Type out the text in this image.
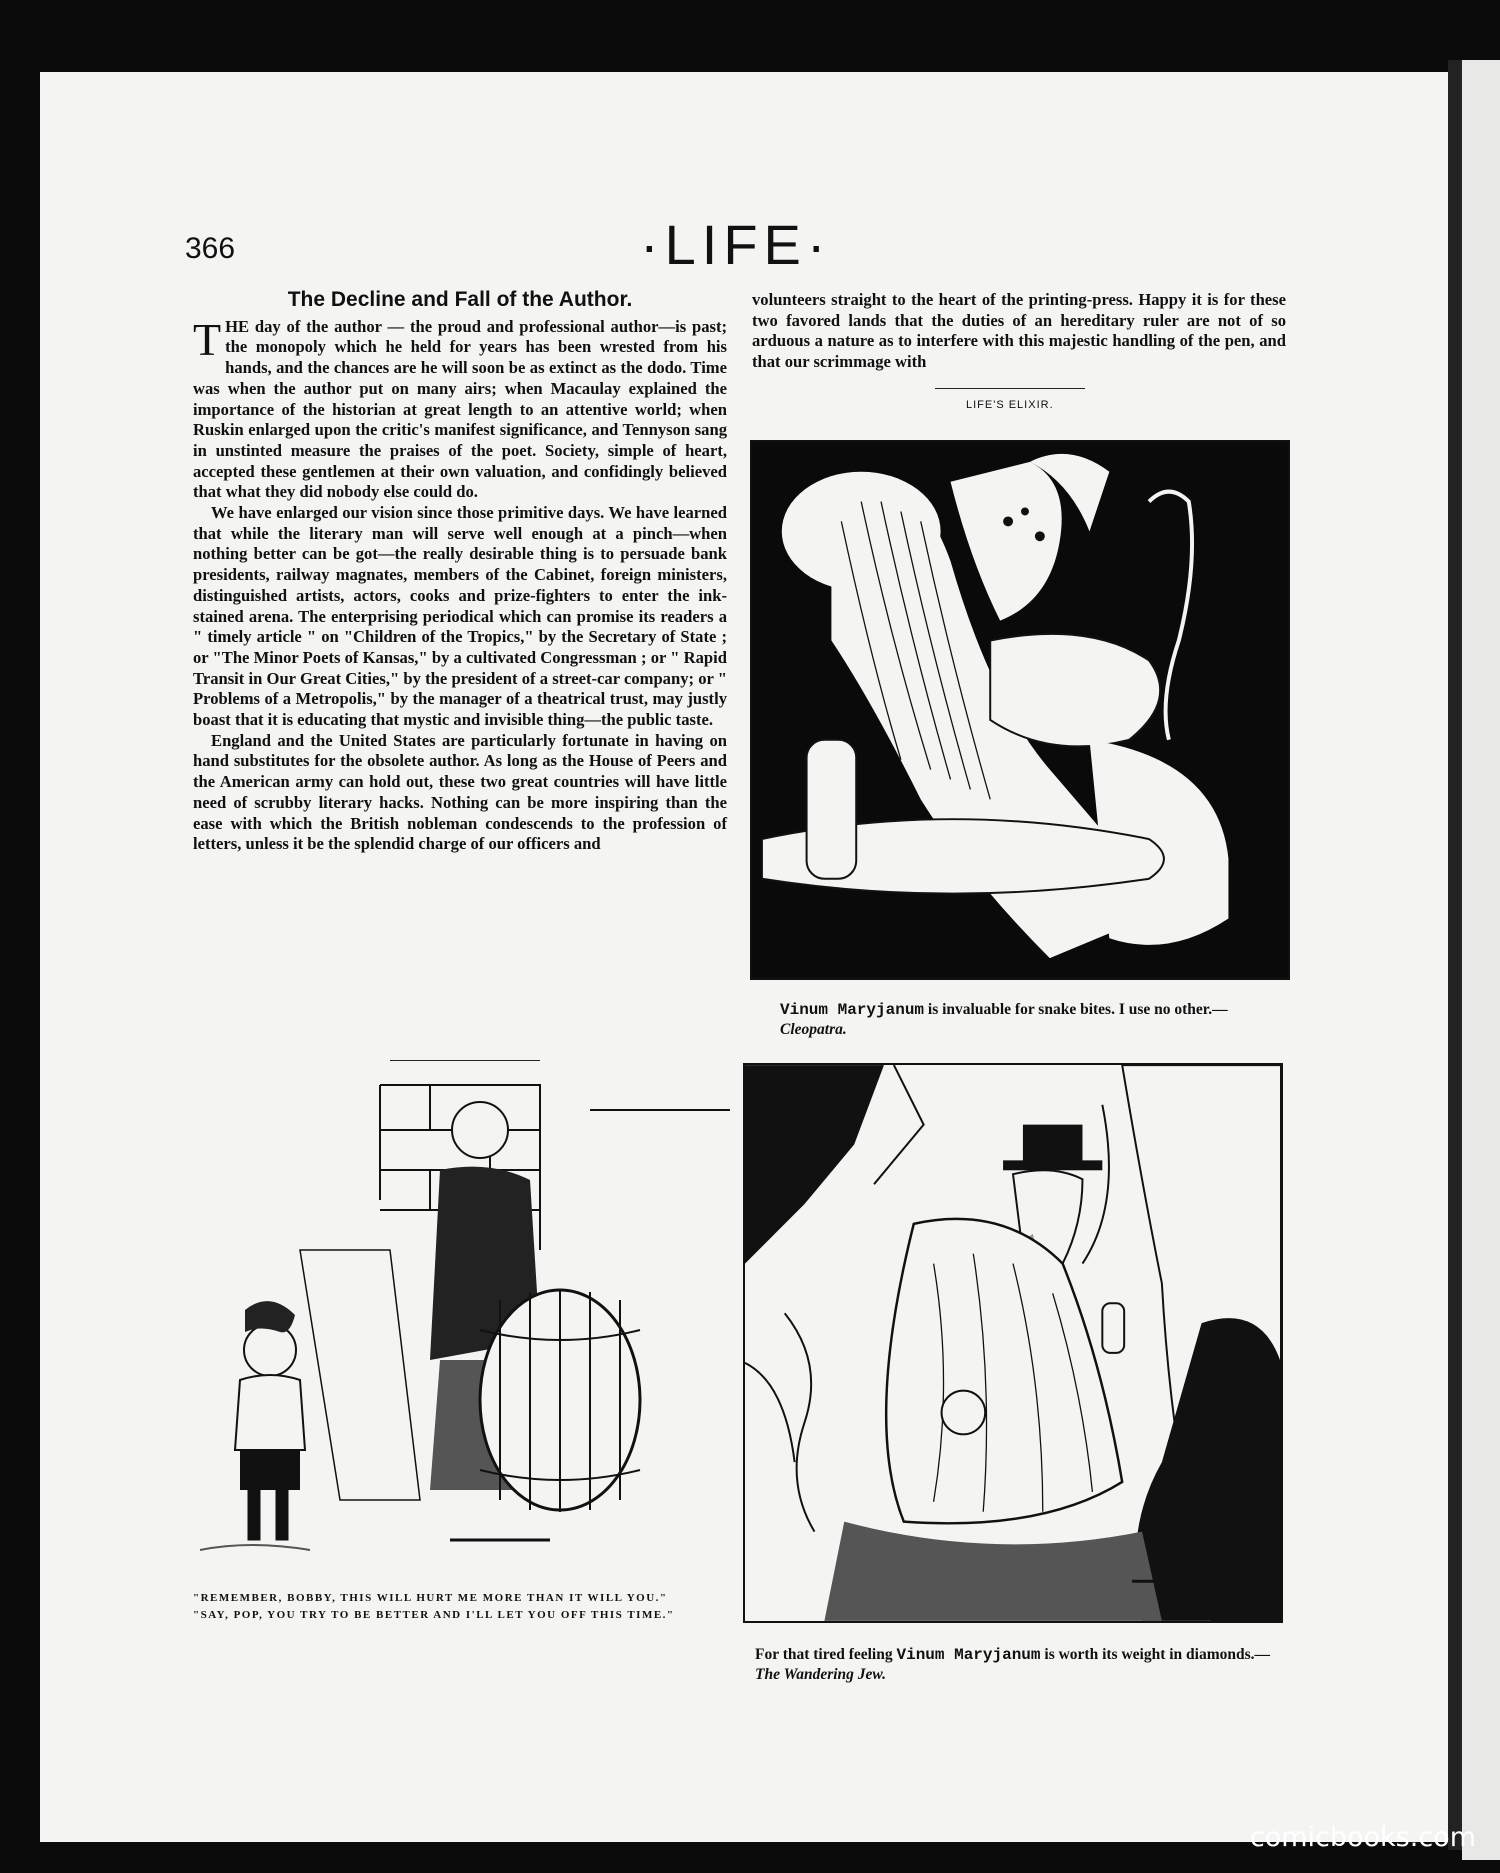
366	·LIFE·
The Decline and Fall of the Author.

THE day of the author — the proud and professional author—is past; the monopoly which he held for years has been wrested from his hands, and the chances are he will soon be as extinct as the dodo. Time was when the author put on many airs; when Macaulay explained the importance of the historian at great length to an attentive world; when Ruskin enlarged upon the critic's manifest significance, and Tennyson sang in unstinted measure the praises of the poet. Society, simple of heart, accepted these gentlemen at their own valuation, and confidingly believed that what they did nobody else could do.

We have enlarged our vision since those primitive days. We have learned that while the literary man will serve well enough at a pinch—when nothing better can be got—the really desirable thing is to persuade bank presidents, railway magnates, members of the Cabinet, foreign ministers, distinguished artists, actors, cooks and prize-fighters to enter the ink-stained arena. The enterprising periodical which can promise its readers a " timely article " on "Children of the Tropics," by the Secretary of State ; or "The Minor Poets of Kansas," by a cultivated Congressman ; or " Rapid Transit in Our Great Cities," by the president of a street-car company; or " Problems of a Metropolis," by the manager of a theatrical trust, may justly boast that it is educating that mystic and invisible thing—the public taste.

England and the United States are particularly fortunate in having on hand substitutes for the obsolete author. As long as the House of Peers and the American army can hold out, these two great countries will have little need of scrubby literary hacks. Nothing can be more inspiring than the ease with which the British nobleman condescends to the profession of letters, unless it be the splendid charge of our officers and

volunteers straight to the heart of the printing-press. Happy it is for these two favored lands that the duties of an hereditary ruler are not of so arduous a nature as to interfere with this majestic handling of the pen, and that our scrimmage with

LIFE'S ELIXIR.
Vinum Maryjanum is invaluable for snake bites. I use no other.—Cleopatra.
"REMEMBER, BOBBY, THIS WILL HURT ME MORE THAN IT WILL YOU."
"SAY, POP, YOU TRY TO BE BETTER AND I'LL LET YOU OFF THIS TIME."
For that tired feeling Vinum Maryjanum is worth its weight in diamonds.—The Wandering Jew.
comicbooks.com
